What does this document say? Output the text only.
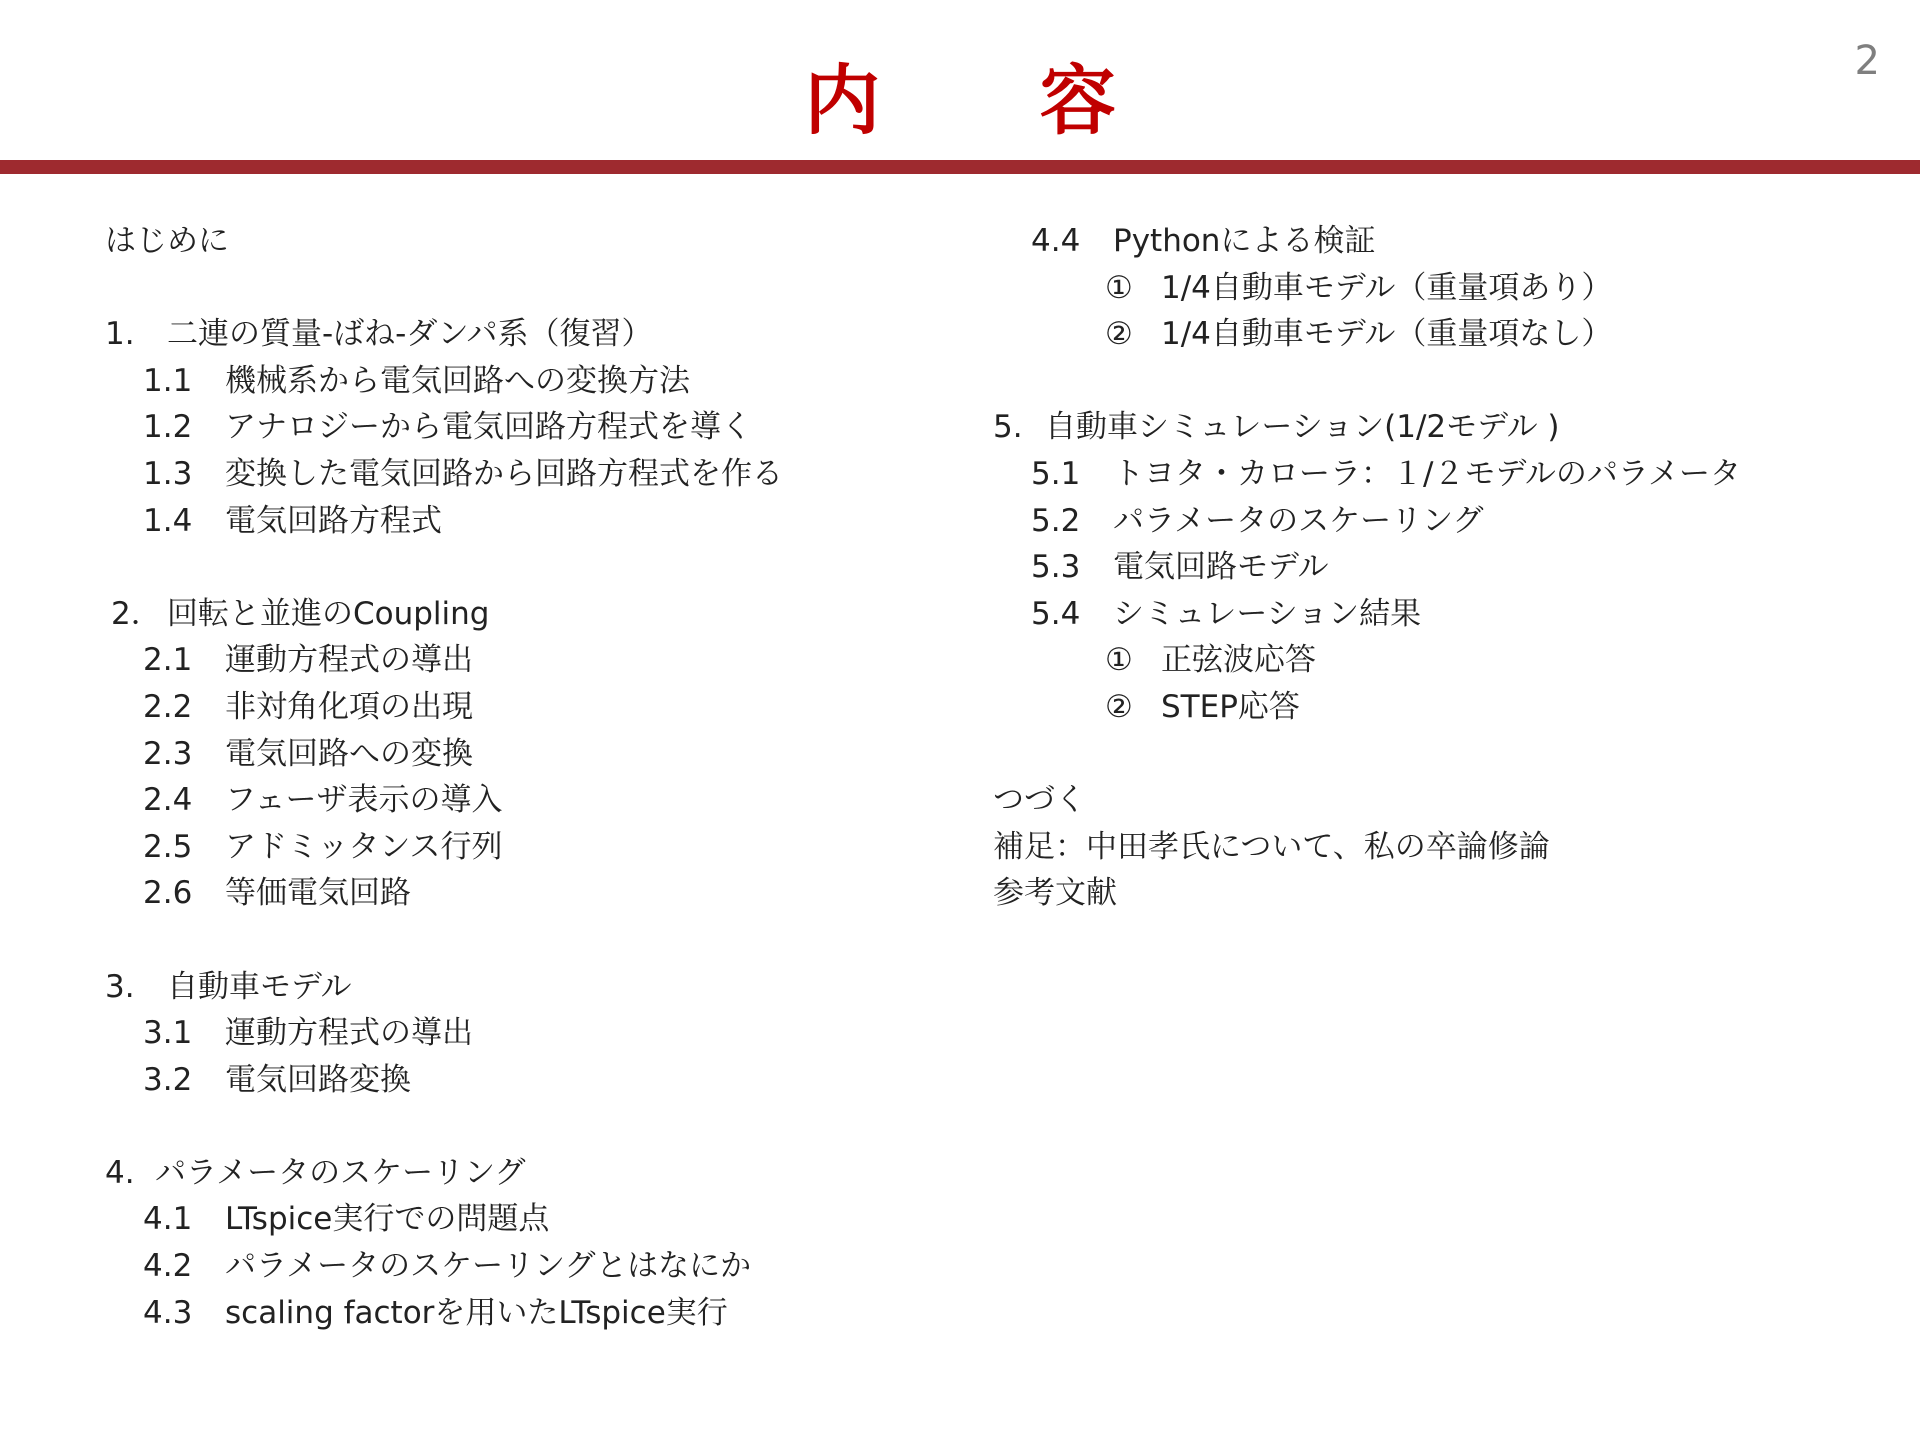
内　容	2
はじめに
1. 二連の質量-ばね-ダンパ系（復習）
1.1 機械系から電気回路への変換方法
1.2 アナロジーから電気回路方程式を導く
1.3 変換した電気回路から回路方程式を作る
1.4 電気回路方程式
2． 回転と並進のCoupling
2.1 運動方程式の導出
2.2 非対角化項の出現
2.3 電気回路への変換
2.4 フェーザ表示の導入
2.5 アドミッタンス行列
2.6 等価電気回路
3. 自動車モデル
3.1 運動方程式の導出
3.2 電気回路変換
4. パラメータのスケーリング
4.1 LTspice実行での問題点
4.2 パラメータのスケーリングとはなにか
4.3 scaling factorを用いたLTspice実行
4.4 Pythonによる検証
① 1/4自動車モデル（重量項あり）
② 1/4自動車モデル（重量項なし）
5. 自動車シミュレーション(1/2モデル )
5.1 トヨタ・カローラ：１/２モデルのパラメータ
5.2 パラメータのスケーリング
5.3 電気回路モデル
5.4 シミュレーション結果
① 正弦波応答
② STEP応答
つづく
補足：中田孝氏について、私の卒論修論
参考文献
